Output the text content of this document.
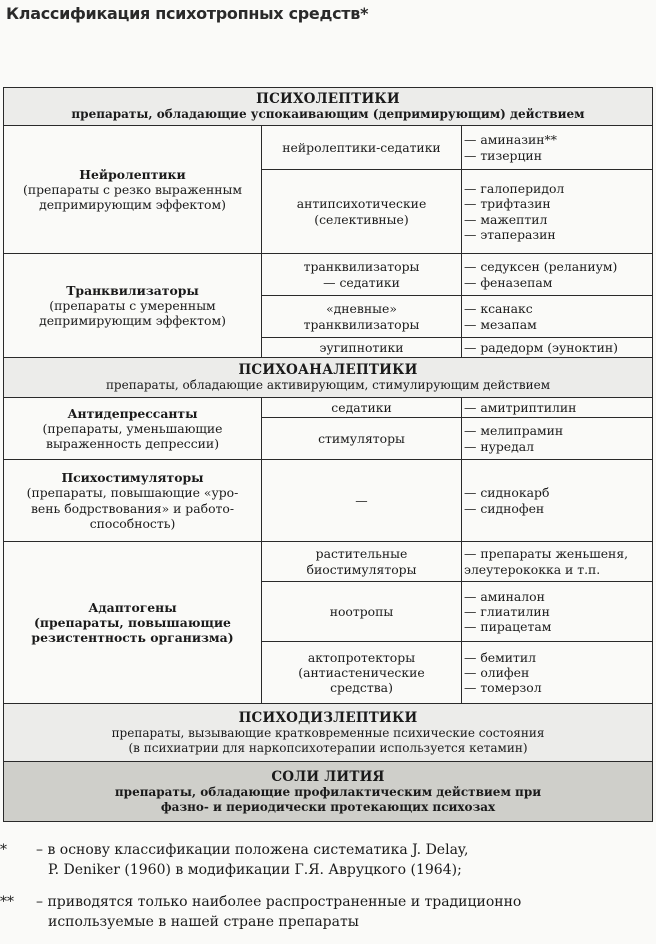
Классификация психотропных средств*
ПСИХОЛЕПТИКИ
препараты, обладающие успокаивающим (депримирующим) действием		

Нейролептики
(препараты с резко выраженным
депримирующим эффектом)	нейролептики-седатики	— аминазин**
— тизерцин

	антипсихотические
(селективные)	— галоперидол
— трифтазин
— мажептил
— этаперазин

Транквилизаторы
(препараты с умеренным
депримирующим эффектом)	транквилизаторы
— седатики	— седуксен (реланиум)
— феназепам

	«дневные»
транквилизаторы	— ксанакс
— мезапам

	эугипнотики	— радедорм (эуноктин)

ПСИХОАНАЛЕПТИКИ
препараты, обладающие активирующим, стимулирующим действием		

Антидепрессанты
(препараты, уменьшающие
выраженность депрессии)	седатики	— амитриптилин

	стимуляторы	— мелипрамин
— нуредал

Психостимуляторы
(препараты, повышающие «уро-
вень бодрствования» и работо-
способность)	—	— сиднокарб
— сиднофен

Адаптогены
(препараты, повышающие
резистентность организма)	растительные
биостимуляторы	— препараты женьшеня,
элеутерококка и т.п.

	ноотропы	— аминалон
— глиатилин
— пирацетам

	актопротекторы
(антиастенические
средства)	— бемитил
— олифен
— томерзол

ПСИХОДИЗЛЕПТИКИ
препараты, вызывающие кратковременные психические состояния
(в психиатрии для наркопсихотерапии используется кетамин)		

СОЛИ ЛИТИЯ
препараты, обладающие профилактическим действием при
фазно- и периодически протекающих психозах		
*	– в основу классификации положена систематика J. Delay,
P. Deniker (1960) в модификации Г.Я. Авруцкого (1964);
**	– приводятся только наиболее распространенные и традиционно
используемые в нашей стране препараты
